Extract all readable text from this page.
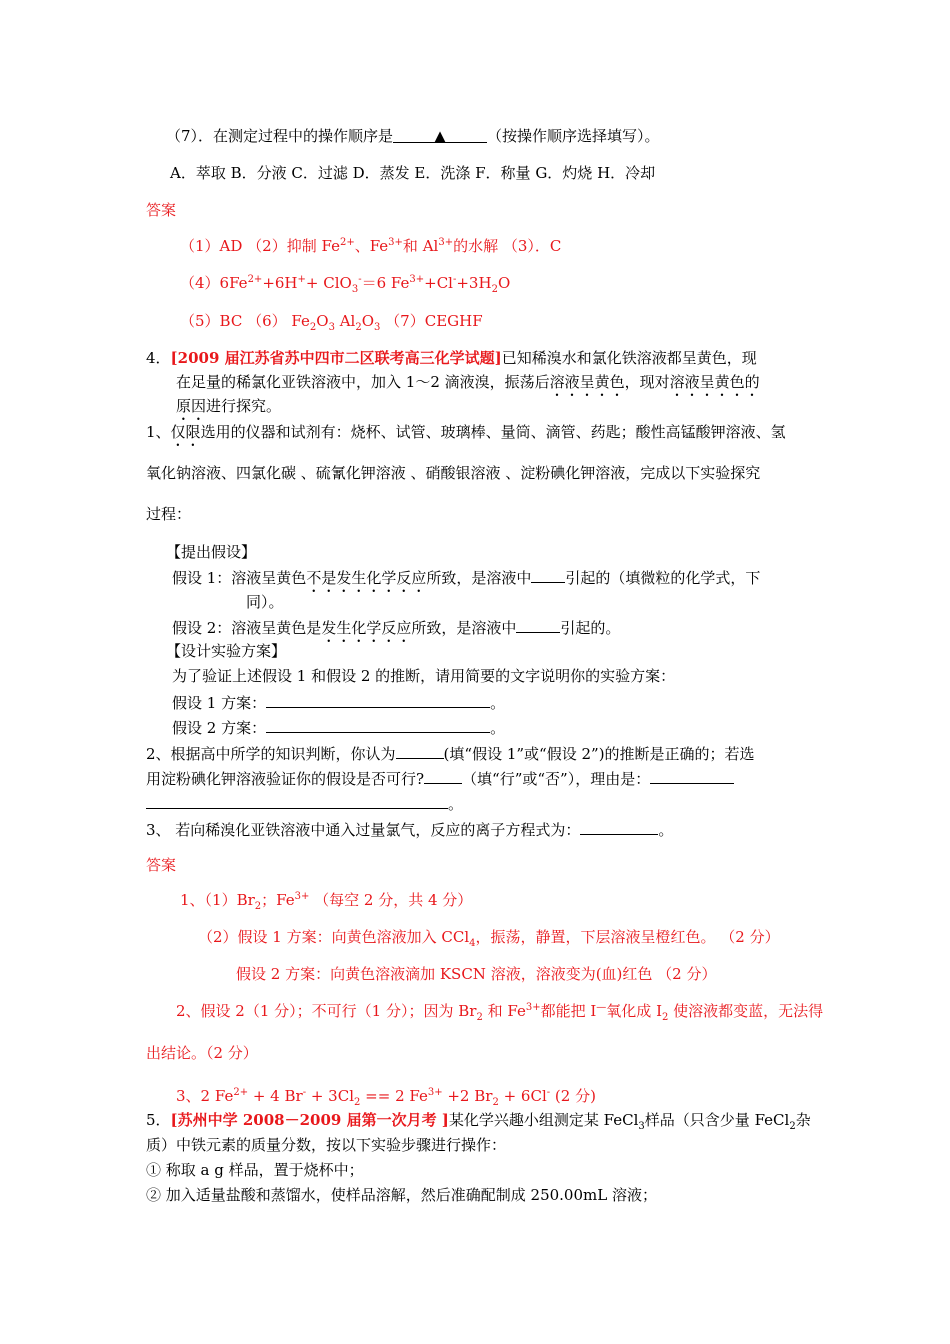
（7）．在测定过程中的操作顺序是	▲	（按操作顺序选择填写）。
A．萃取 B．分液 C．过滤 D．蒸发 E．洗涤 F．称量 G．灼烧 H．冷却
答案
（1）AD （2）抑制 $Fe^{2+}$、$Fe^{3+}$和 $Al^{3+}$的水解 （3）．C
$(4)6Fe^{2+}+6H^++ ClO_3^-=6$ $Fe^{3+}+Cl^-+3H_2O$
（5）BC （6） $Fe_2O_3$ $Al_2O_3$ （7）CEGHF
4．[2009 届江苏省苏中四市二区联考高三化学试题]已知稀溴水和氯化铁溶液都呈黄色，现
在足量的稀氯化亚铁溶液中，加入 1～2 滴液溴，振荡后溶液呈黄色，现对溶液呈黄色的
原因进行探究。
1、仅限选用的仪器和试剂有：烧杯、试管、玻璃棒、量筒、滴管、药匙；酸性高锰酸钾溶液、氢
氧化钠溶液、四氯化碳 、硫氰化钾溶液 、硝酸银溶液 、淀粉碘化钾溶液，完成以下实验探究
过程：
【提出假设】
假设 1：溶液呈黄色不是发生化学反应所致，是溶液中 引起的（填微粒的化学式，下
同）。
假设 2：溶液呈黄色是发生化学反应所致，是溶液中	引起的。
【设计实验方案】
为了验证上述假设 1 和假设 2 的推断，请用简要的文字说明你的实验方案：
假设 1 方案：	。
假设 2 方案：	。
2、根据高中所学的知识判断，你认为	(填“假设 1”或“假设 2”)的推断是正确的；若选
用淀粉碘化钾溶液验证你的假设是否可行?	（填“行”或“否”），理由是：
。
3、 若向稀溴化亚铁溶液中通入过量氯气，反应的离子方程式为：	。
答案
1、$(1)Br_2$；$Fe^{3+}$ （每空 2 分，共 4 分）
（2）假设 1 方案：向黄色溶液加入 CCl$_4$，振荡，静置，下层溶液呈橙红色。 （2 分）
假设 2 方案：向黄色溶液滴加 KSCN 溶液，溶液变为(血)红色 （2 分）
2、假设 2（1 分）；不可行（1 分）；因为 $Br_2$ 和 $Fe^{3+}$都能把 I—氧化成 $I_2$ 使溶液都变蓝，无法得
出结论。（2 分）
3、2 $Fe^{2+} + 4$ $Br^- + 3Cl_2 == 2$ $Fe^{3+} +2$ $Br_2 + 6Cl^-$ (2 分)
5．[苏州中学 2008－2009 届第一次月考 ]某化学兴趣小组测定某 FeCl$_3$样品（只含少量 FeCl$_2$杂
质）中铁元素的质量分数，按以下实验步骤进行操作：
① 称取 a g 样品，置于烧杯中；
② 加入适量盐酸和蒸馏水，使样品溶解，然后准确配制成 250.00mL 溶液；
